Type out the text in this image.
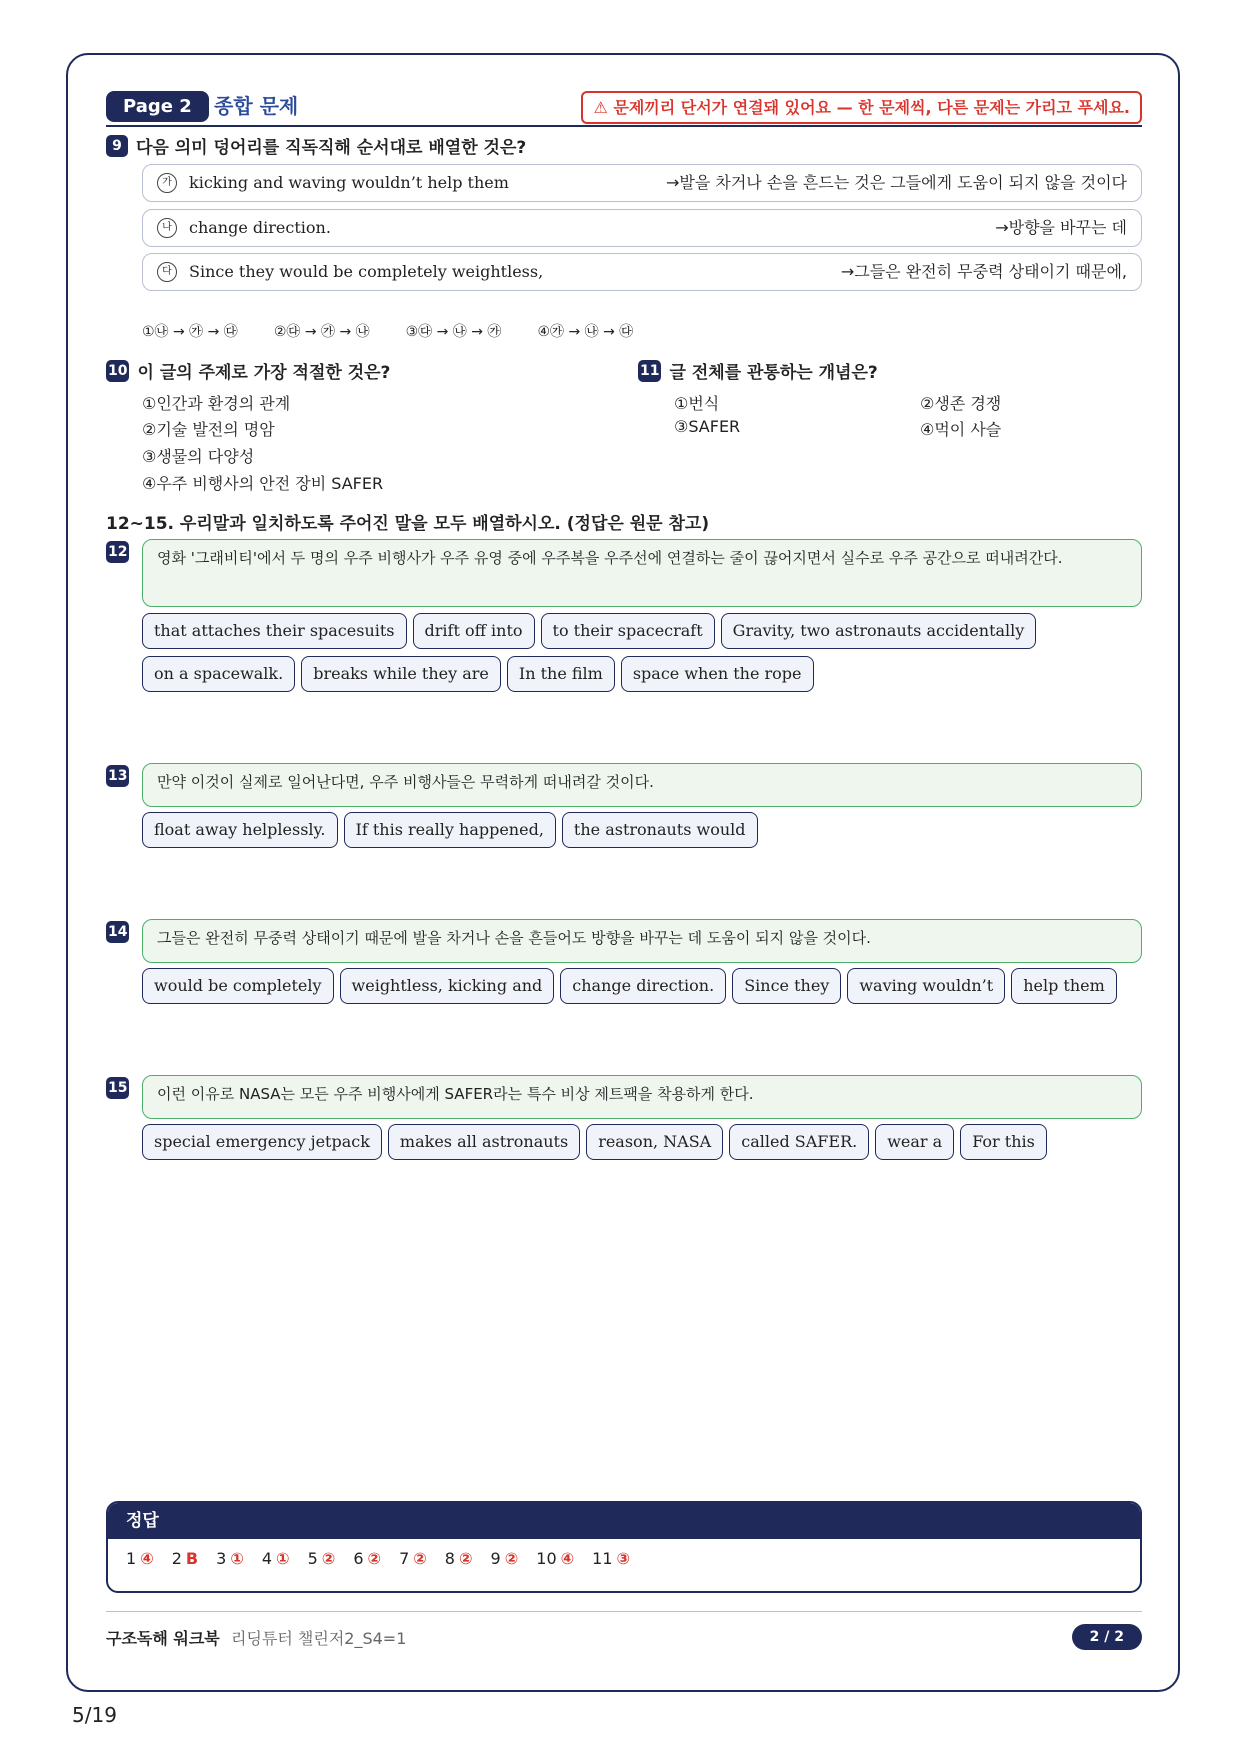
Page 2	종합 문제	⚠ 문제끼리 단서가 연결돼 있어요 — 한 문제씩, 다른 문제는 가리고 푸세요.
9 다음 의미 덩어리를 직독직해 순서대로 배열한 것은?
가	kicking and waving wouldn’t help them	→발을 차거나 손을 흔드는 것은 그들에게 도움이 되지 않을 것이다
나	change direction.	→방향을 바꾸는 데
다	Since they would be completely weightless,	→그들은 완전히 무중력 상태이기 때문에,
①㉯ → ㉮ → ㉰	②㉰ → ㉮ → ㉯	③㉰ → ㉯ → ㉮	④㉮ → ㉯ → ㉰
10 이 글의 주제로 가장 적절한 것은?
①인간과 환경의 관계
②기술 발전의 명암
③생물의 다양성
④우주 비행사의 안전 장비 SAFER
11 글 전체를 관통하는 개념은?
①번식	②생존 경쟁
③SAFER	④먹이 사슬
12~15. 우리말과 일치하도록 주어진 말을 모두 배열하시오. (정답은 원문 참고)
12	영화 '그래비티'에서 두 명의 우주 비행사가 우주 유영 중에 우주복을 우주선에 연결하는 줄이 끊어지면서 실수로 우주 공간으로 떠내려간다.
that attaches their spacesuits	drift off into	to their spacecraft	Gravity, two astronauts accidentally
on a spacewalk.	breaks while they are	In the film	space when the rope
13	만약 이것이 실제로 일어난다면, 우주 비행사들은 무력하게 떠내려갈 것이다.
float away helplessly.	If this really happened,	the astronauts would
14	그들은 완전히 무중력 상태이기 때문에 발을 차거나 손을 흔들어도 방향을 바꾸는 데 도움이 되지 않을 것이다.
would be completely	weightless, kicking and	change direction.	Since they	waving wouldn’t	help them
15	이런 이유로 NASA는 모든 우주 비행사에게 SAFER라는 특수 비상 제트팩을 착용하게 한다.
special emergency jetpack	makes all astronauts	reason, NASA	called SAFER.	wear a	For this
정답
1 ④ 2 B 3 ① 4 ① 5 ② 6 ② 7 ② 8 ② 9 ② 10 ④ 11 ③
구조독해 워크북 리딩튜터 챌린저2_S4=1	2 / 2
5/19
